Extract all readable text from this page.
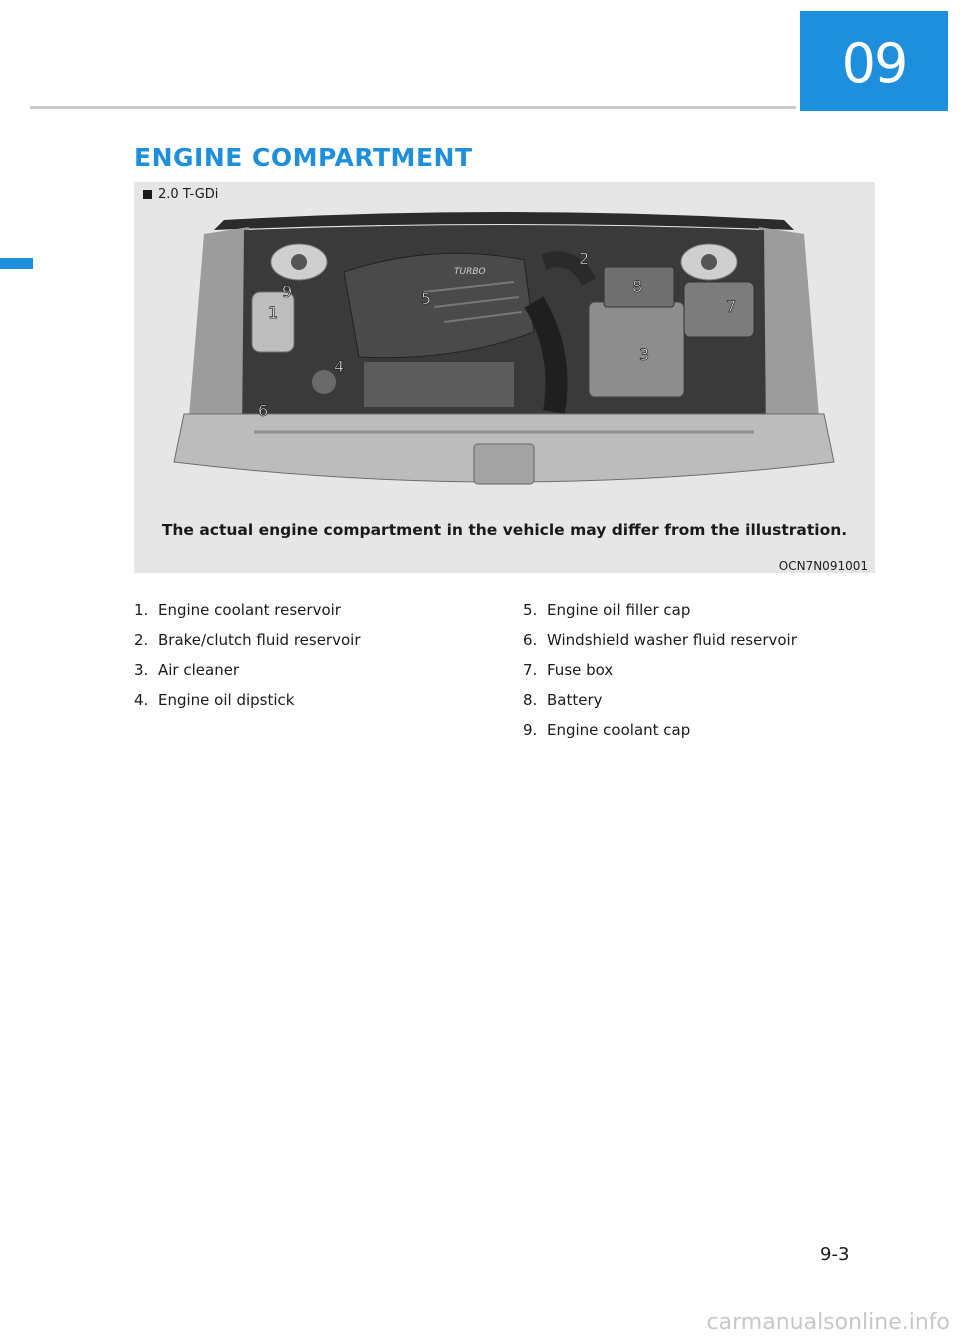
09
ENGINE COMPARTMENT
TURBO
1
2
3
4
5
6
7
8
9
2.0 T-GDi
The actual engine compartment in the vehicle may differ from the illustration.
OCN7N091001
1. Engine coolant reservoir
2. Brake/clutch fluid reservoir
3. Air cleaner
4. Engine oil dipstick
5. Engine oil filler cap
6. Windshield washer fluid reservoir
7. Fuse box
8. Battery
9. Engine coolant cap
9-3
carmanualsonline.info
